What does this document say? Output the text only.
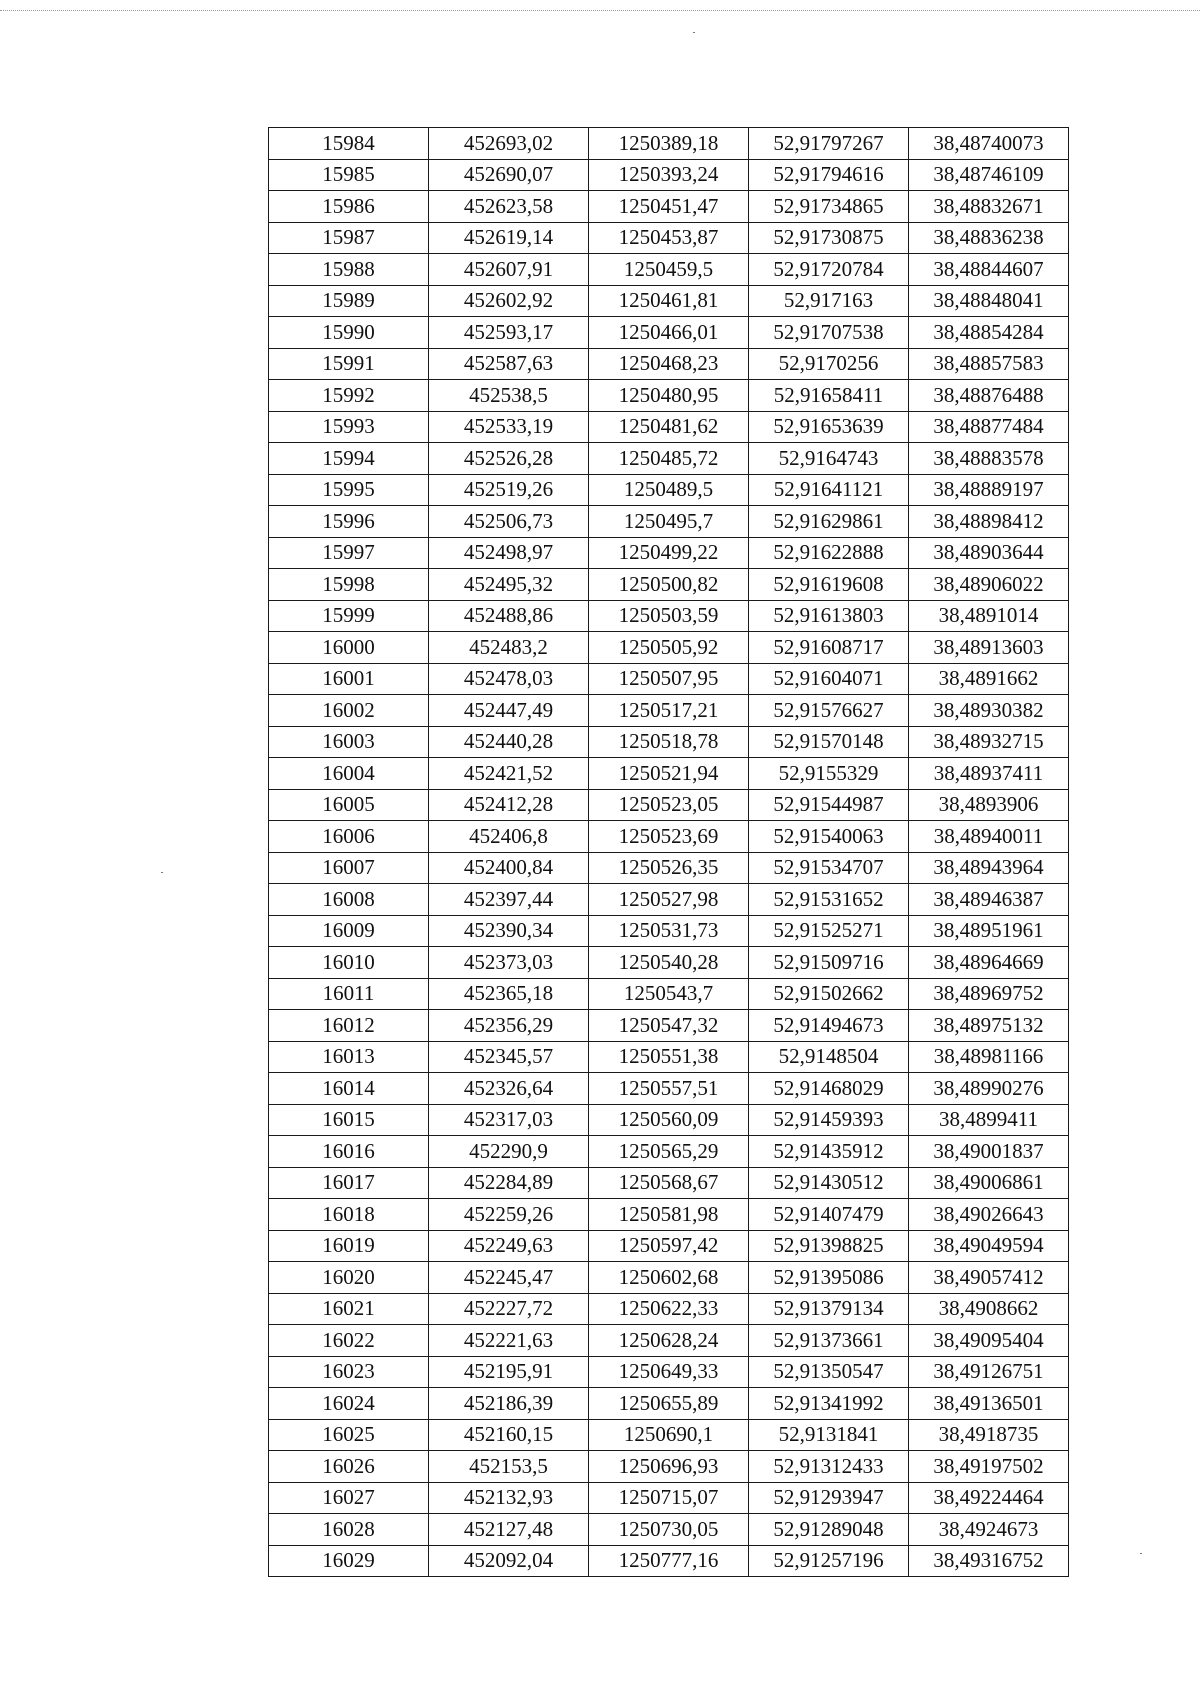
15984	452693,02	1250389,18	52,91797267	38,48740073
15985	452690,07	1250393,24	52,91794616	38,48746109
15986	452623,58	1250451,47	52,91734865	38,48832671
15987	452619,14	1250453,87	52,91730875	38,48836238
15988	452607,91	1250459,5	52,91720784	38,48844607
15989	452602,92	1250461,81	52,917163	38,48848041
15990	452593,17	1250466,01	52,91707538	38,48854284
15991	452587,63	1250468,23	52,9170256	38,48857583
15992	452538,5	1250480,95	52,91658411	38,48876488
15993	452533,19	1250481,62	52,91653639	38,48877484
15994	452526,28	1250485,72	52,9164743	38,48883578
15995	452519,26	1250489,5	52,91641121	38,48889197
15996	452506,73	1250495,7	52,91629861	38,48898412
15997	452498,97	1250499,22	52,91622888	38,48903644
15998	452495,32	1250500,82	52,91619608	38,48906022
15999	452488,86	1250503,59	52,91613803	38,4891014
16000	452483,2	1250505,92	52,91608717	38,48913603
16001	452478,03	1250507,95	52,91604071	38,4891662
16002	452447,49	1250517,21	52,91576627	38,48930382
16003	452440,28	1250518,78	52,91570148	38,48932715
16004	452421,52	1250521,94	52,9155329	38,48937411
16005	452412,28	1250523,05	52,91544987	38,4893906
16006	452406,8	1250523,69	52,91540063	38,48940011
16007	452400,84	1250526,35	52,91534707	38,48943964
16008	452397,44	1250527,98	52,91531652	38,48946387
16009	452390,34	1250531,73	52,91525271	38,48951961
16010	452373,03	1250540,28	52,91509716	38,48964669
16011	452365,18	1250543,7	52,91502662	38,48969752
16012	452356,29	1250547,32	52,91494673	38,48975132
16013	452345,57	1250551,38	52,9148504	38,48981166
16014	452326,64	1250557,51	52,91468029	38,48990276
16015	452317,03	1250560,09	52,91459393	38,4899411
16016	452290,9	1250565,29	52,91435912	38,49001837
16017	452284,89	1250568,67	52,91430512	38,49006861
16018	452259,26	1250581,98	52,91407479	38,49026643
16019	452249,63	1250597,42	52,91398825	38,49049594
16020	452245,47	1250602,68	52,91395086	38,49057412
16021	452227,72	1250622,33	52,91379134	38,4908662
16022	452221,63	1250628,24	52,91373661	38,49095404
16023	452195,91	1250649,33	52,91350547	38,49126751
16024	452186,39	1250655,89	52,91341992	38,49136501
16025	452160,15	1250690,1	52,9131841	38,4918735
16026	452153,5	1250696,93	52,91312433	38,49197502
16027	452132,93	1250715,07	52,91293947	38,49224464
16028	452127,48	1250730,05	52,91289048	38,4924673
16029	452092,04	1250777,16	52,91257196	38,49316752
